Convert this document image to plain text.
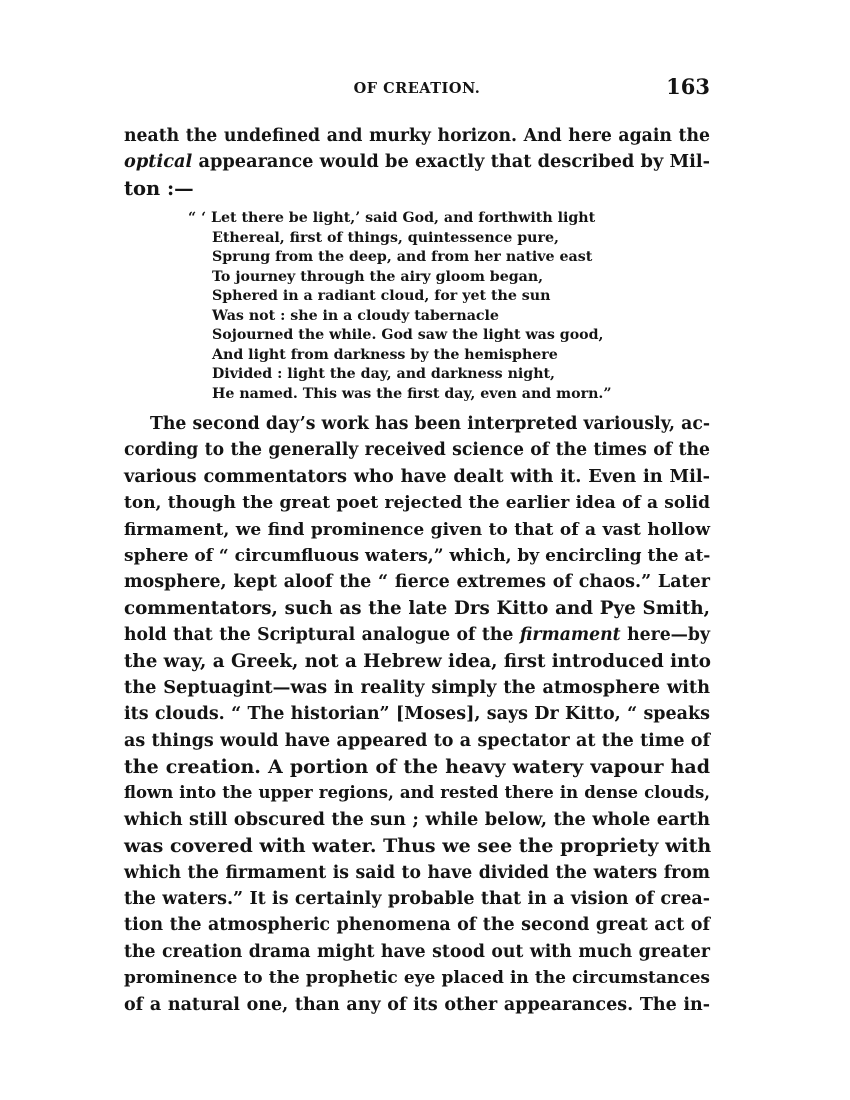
OF CREATION.	163
neath the undefined and murky horizon. And here again the
optical appearance would be exactly that described by Mil-
ton :—
“ ‘ Let there be light,’ said God, and forthwith light
Ethereal, first of things, quintessence pure,
Sprung from the deep, and from her native east
To journey through the airy gloom began,
Sphered in a radiant cloud, for yet the sun
Was not : she in a cloudy tabernacle
Sojourned the while. God saw the light was good,
And light from darkness by the hemisphere
Divided : light the day, and darkness night,
He named. This was the first day, even and morn.”
The second day’s work has been interpreted variously, ac-
cording to the generally received science of the times of the
various commentators who have dealt with it. Even in Mil-
ton, though the great poet rejected the earlier idea of a solid
firmament, we find prominence given to that of a vast hollow
sphere of “ circumfluous waters,” which, by encircling the at-
mosphere, kept aloof the “ fierce extremes of chaos.” Later
commentators, such as the late Drs Kitto and Pye Smith,
hold that the Scriptural analogue of the firmament here—by
the way, a Greek, not a Hebrew idea, first introduced into
the Septuagint—was in reality simply the atmosphere with
its clouds. “ The historian” [Moses], says Dr Kitto, “ speaks
as things would have appeared to a spectator at the time of
the creation. A portion of the heavy watery vapour had
flown into the upper regions, and rested there in dense clouds,
which still obscured the sun ; while below, the whole earth
was covered with water. Thus we see the propriety with
which the firmament is said to have divided the waters from
the waters.” It is certainly probable that in a vision of crea-
tion the atmospheric phenomena of the second great act of
the creation drama might have stood out with much greater
prominence to the prophetic eye placed in the circumstances
of a natural one, than any of its other appearances. The in-
